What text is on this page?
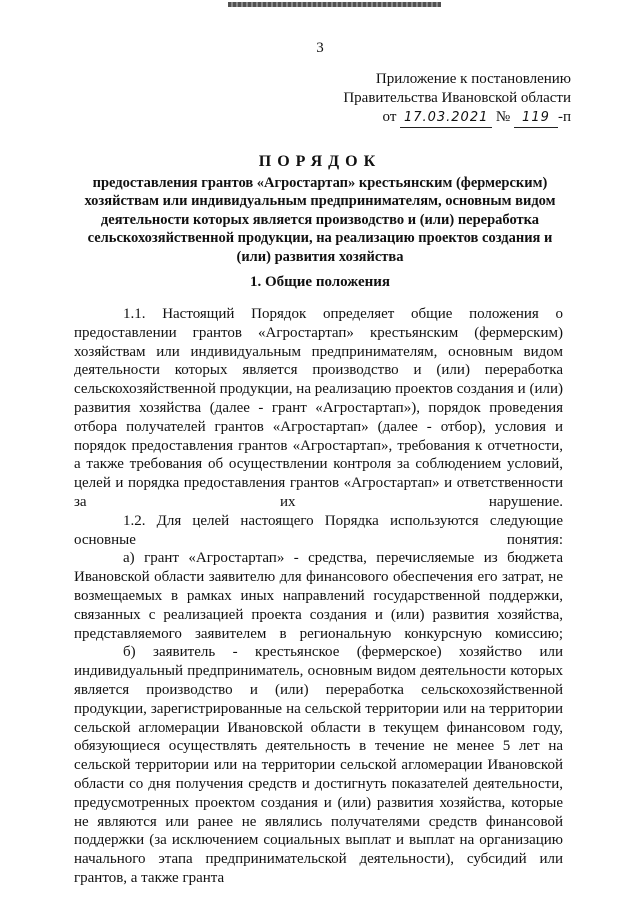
3
Приложение к постановлению
Правительства Ивановской области
от 17.03.2021 № 119 -п
ПОРЯДОК
предоставления грантов «Агростартап» крестьянским (фермерским) хозяйствам или индивидуальным предпринимателям, основным видом деятельности которых является производство и (или) переработка сельскохозяйственной продукции, на реализацию проектов создания и (или) развития хозяйства
1. Общие положения

1.1. Настоящий Порядок определяет общие положения о предоставлении грантов «Агростартап» крестьянским (фермерским) хозяйствам или индивидуальным предпринимателям, основным видом деятельности которых является производство и (или) переработка сельскохозяйственной продукции, на реализацию проектов создания и (или) развития хозяйства (далее - грант «Агростартап»), порядок проведения отбора получателей грантов «Агростартап» (далее - отбор), условия и порядок предоставления грантов «Агростартап», требования к отчетности, а также требования об осуществлении контроля за соблюдением условий, целей и порядка предоставления грантов «Агростартап» и ответственности за их нарушение.

1.2. Для целей настоящего Порядка используются следующие основные понятия:

а) грант «Агростартап» - средства, перечисляемые из бюджета Ивановской области заявителю для финансового обеспечения его затрат, не возмещаемых в рамках иных направлений государственной поддержки, связанных с реализацией проекта создания и (или) развития хозяйства, представляемого заявителем в региональную конкурсную комиссию;

б) заявитель - крестьянское (фермерское) хозяйство или индивидуальный предприниматель, основным видом деятельности которых является производство и (или) переработка сельскохозяйственной продукции, зарегистрированные на сельской территории или на территории сельской агломерации Ивановской области в текущем финансовом году, обязующиеся осуществлять деятельность в течение не менее 5 лет на сельской территории или на территории сельской агломерации Ивановской области со дня получения средств и достигнуть показателей деятельности, предусмотренных проектом создания и (или) развития хозяйства, которые не являются или ранее не являлись получателями средств финансовой поддержки (за исключением социальных выплат и выплат на организацию начального этапа предпринимательской деятельности), субсидий или грантов, а также гранта
